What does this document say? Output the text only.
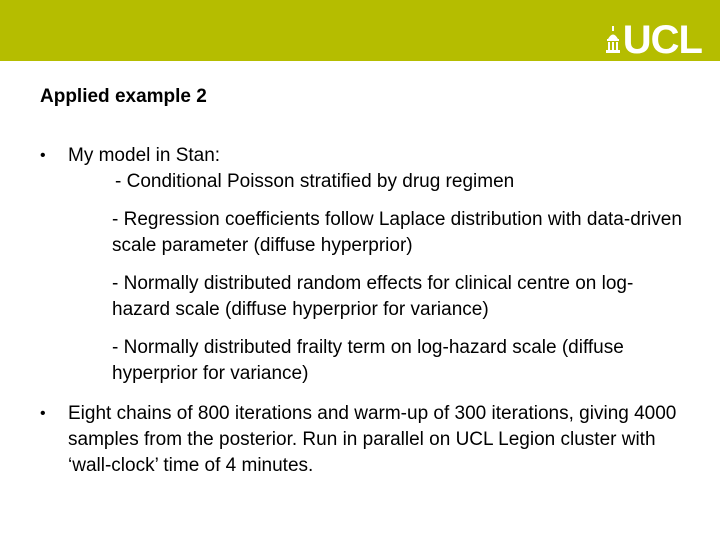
UCL
Applied example 2
•	My model in Stan:
- Conditional Poisson stratified by drug regimen
- Regression coefficients follow Laplace distribution with data-driven scale parameter (diffuse hyperprior)
- Normally distributed random effects for clinical centre on log-hazard scale (diffuse hyperprior for variance)
- Normally distributed frailty term on log-hazard scale (diffuse hyperprior for variance)
•	Eight chains of 800 iterations and warm-up of 300 iterations, giving 4000 samples from the posterior. Run in parallel on UCL Legion cluster with ‘wall-clock’ time of 4 minutes.
